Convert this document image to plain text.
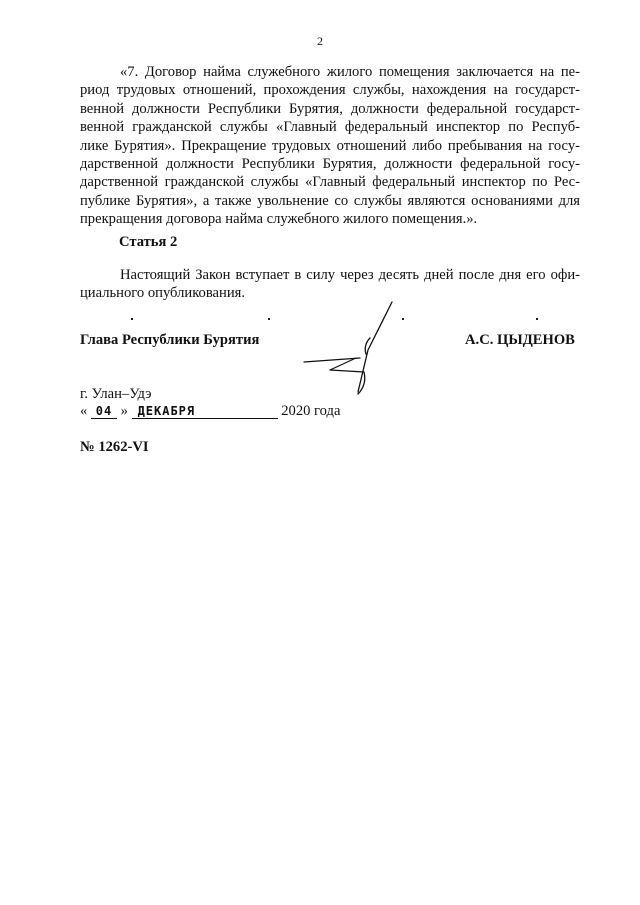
2
«7. Договор найма служебного жилого помещения заключается на пе-
риод трудовых отношений, прохождения службы, нахождения на государст-
венной должности Республики Бурятия, должности федеральной государст-
венной гражданской службы «Главный федеральный инспектор по Респуб-
лике Бурятия». Прекращение трудовых отношений либо пребывания на госу-
дарственной должности Республики Бурятия, должности федеральной госу-
дарственной гражданской службы «Главный федеральный инспектор по Рес-
публике Бурятия», а также увольнение со службы являются основаниями для
прекращения договора найма служебного жилого помещения.».
Статья 2
Настоящий Закон вступает в силу через десять дней после дня его офи-
циального опубликования.
Глава Республики Бурятия	А.С. ЦЫДЕНОВ
г. Улан–Удэ
« 04 » ДЕКАБРЯ	2020 года
№ 1262-VI
